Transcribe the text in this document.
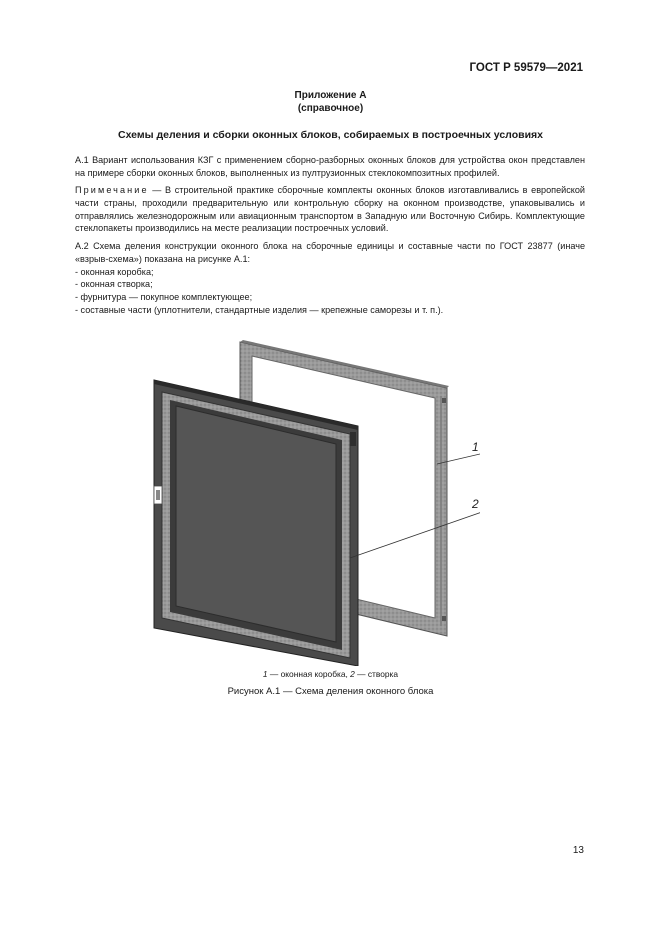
ГОСТ Р 59579—2021
Приложение А
(справочное)
Схемы деления и сборки оконных блоков, собираемых в построечных условиях

А.1 Вариант использования КЗГ с применением сборно-разборных оконных блоков для устройства окон представлен на примере сборки оконных блоков, выполненных из пултрузионных стеклокомпозитных профилей.

Примечание — В строительной практике сборочные комплекты оконных блоков изготавливались в европейской части страны, проходили предварительную или контрольную сборку на оконном производстве, упаковывались и отправлялись железнодорожным или авиационным транспортом в Западную или Восточную Сибирь. Комплектующие стеклопакеты производились на месте реализации построечных условий.

А.2 Схема деления конструкции оконного блока на сборочные единицы и составные части по ГОСТ 23877 (иначе «взрыв-схема») показана на рисунке А.1:

- оконная коробка;
- оконная створка;
- фурнитура — покупное комплектующее;
- составные части (уплотнители, стандартные изделия — крепежные саморезы и т. п.).
1
2
1 — оконная коробка, 2 — створка
Рисунок А.1 — Схема деления оконного блока
13
